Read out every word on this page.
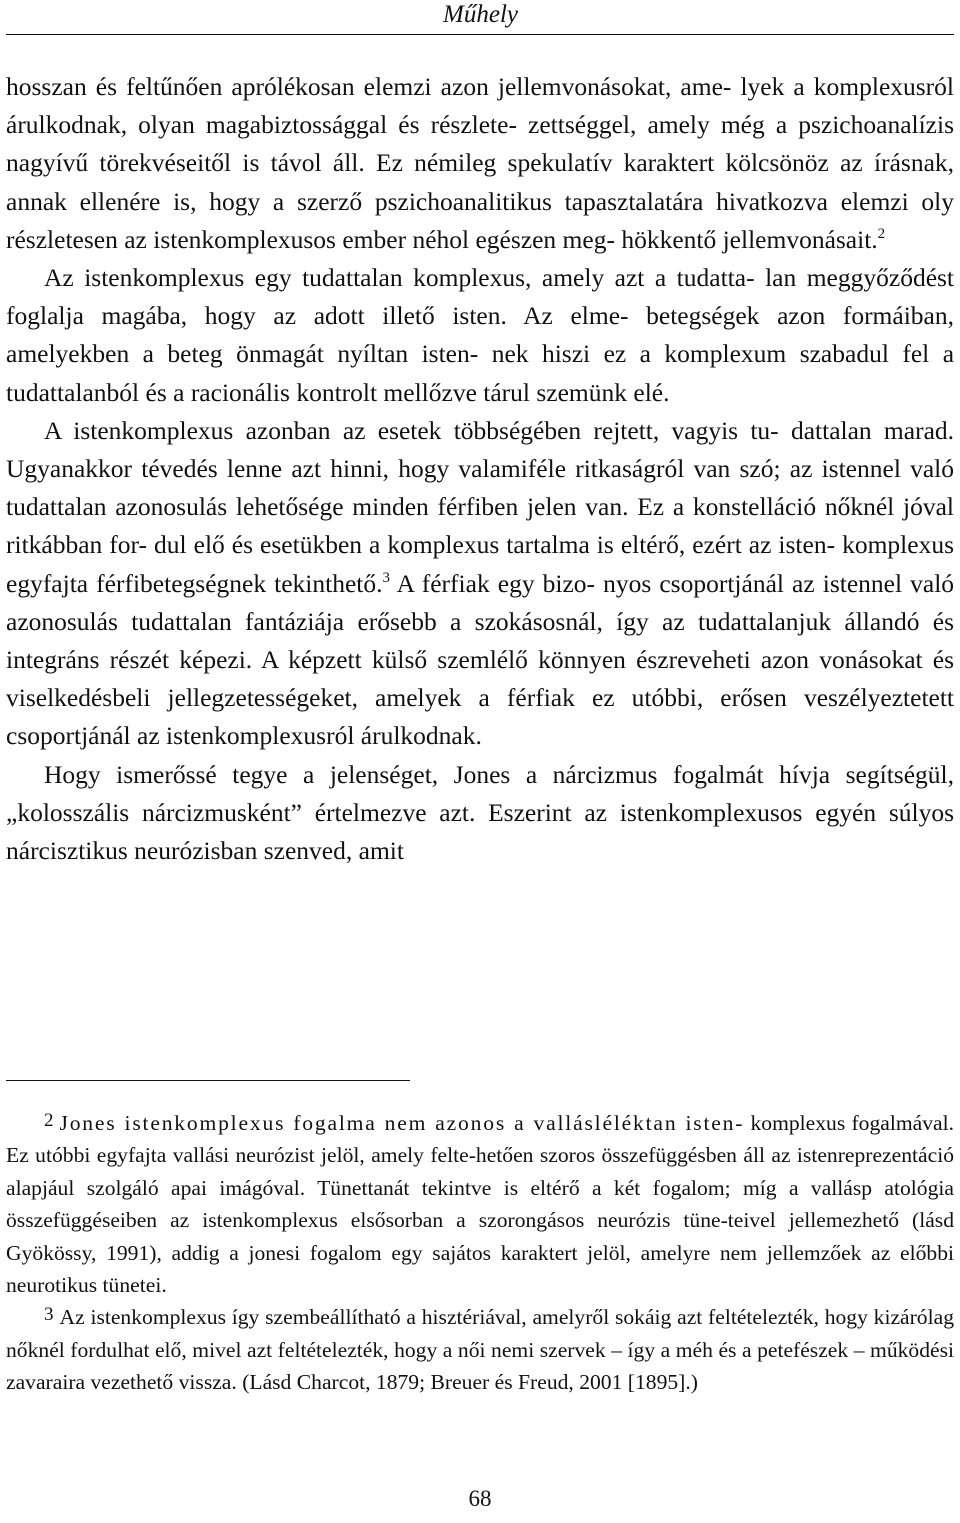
Műhely

hosszan és feltűnően aprólékosan elemzi azon jellemvonásokat, ame- lyek a komplexusról árulkodnak, olyan magabiztossággal és részlete- zettséggel, amely még a pszichoanalízis nagyívű törekvéseitől is távol áll. Ez némileg spekulatív karaktert kölcsönöz az írásnak, annak ellenére is, hogy a szerző pszichoanalitikus tapasztalatára hivatkozva elemzi oly részletesen az istenkomplexusos ember néhol egészen meg- hökkentő jellemvonásait.$^2$

Az istenkomplexus egy tudattalan komplexus, amely azt a tudatta- lan meggyőződést foglalja magába, hogy az adott illető isten. Az elme- betegségek azon formáiban, amelyekben a beteg önmagát nyíltan isten- nek hiszi ez a komplexum szabadul fel a tudattalanból és a racionális kontrolt mellőzve tárul szemünk elé.

A istenkomplexus azonban az esetek többségében rejtett, vagyis tu- dattalan marad. Ugyanakkor tévedés lenne azt hinni, hogy valamiféle ritkaságról van szó; az istennel való tudattalan azonosulás lehetősége minden férfiben jelen van. Ez a konstelláció nőknél jóval ritkábban for- dul elő és esetükben a komplexus tartalma is eltérő, ezért az isten- komplexus egyfajta férfibetegségnek tekinthető.$^3$ A férfiak egy bizo- nyos csoportjánál az istennel való azonosulás tudattalan fantáziája erősebb a szokásosnál, így az tudattalanjuk állandó és integráns részét képezi. A képzett külső szemlélő könnyen észreveheti azon vonásokat és viselkedésbeli jellegzetességeket, amelyek a férfiak ez utóbbi, erősen veszélyeztetett csoportjánál az istenkomplexusról árulkodnak.

Hogy ismerőssé tegye a jelenséget, Jones a nárcizmus fogalmát hívja segítségül, „kolosszális nárcizmusként” értelmezve azt. Eszerint az istenkomplexusos egyén súlyos nárcisztikus neurózisban szenved, amit

2 Jones istenkomplexus fogalma nem azonos a vallásléléktan isten- komplexus fogalmával. Ez utóbbi egyfajta vallási neurózist jelöl, amely felte-hetően szoros összefüggésben áll az istenreprezentáció alapjául szolgáló apai imágóval. Tünettanát tekintve is eltérő a két fogalom; míg a vallásp atológia összefüggéseiben az istenkomplexus elsősorban a szorongásos neurózis tüne-teivel jellemezhető (lásd Gyökössy, 1991), addig a jonesi fogalom egy sajátos karaktert jelöl, amelyre nem jellemzőek az előbbi neurotikus tünetei.

3 Az istenkomplexus így szembeállítható a hisztériával, amelyről sokáig azt feltételezték, hogy kizárólag nőknél fordulhat elő, mivel azt feltételezték, hogy a női nemi szervek – így a méh és a petefészek – működési zavaraira vezethető vissza. (Lásd Charcot, 1879; Breuer és Freud, 2001 [1895].)

68
